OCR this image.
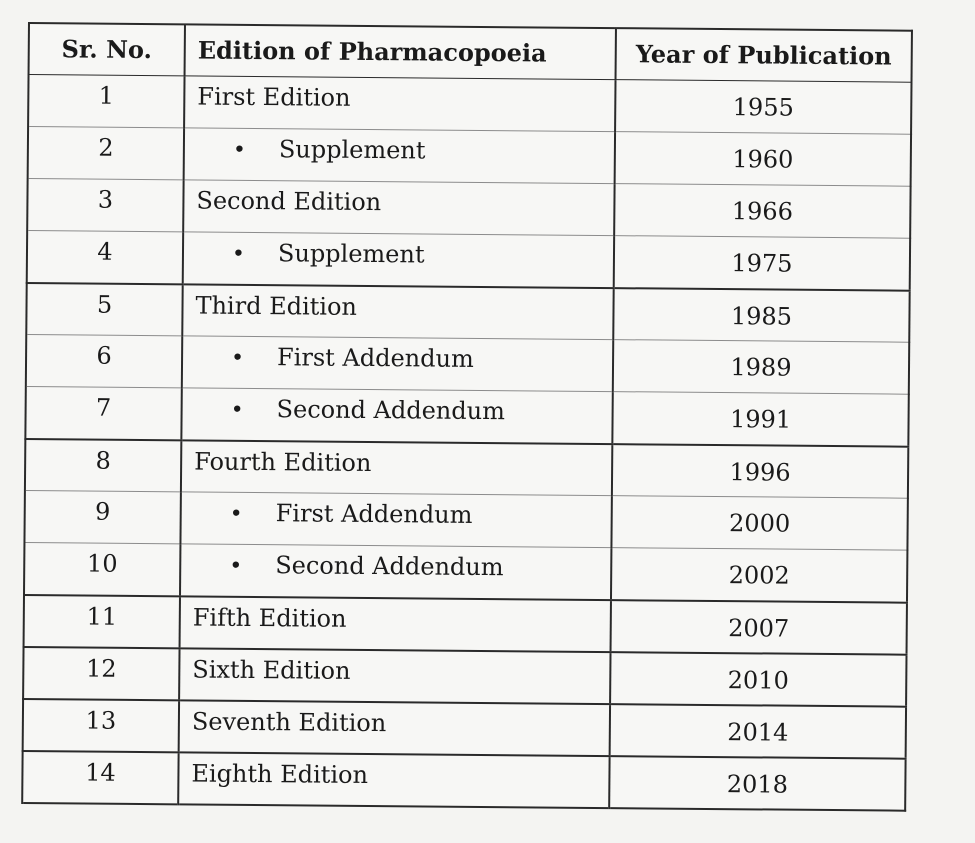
Sr. No.	Edition of Pharmacopoeia	Year of Publication
1	First Edition	1955
2	• Supplement	1960
3	Second Edition	1966
4	• Supplement	1975
5	Third Edition	1985
6	• First Addendum	1989
7	• Second Addendum	1991
8	Fourth Edition	1996
9	• First Addendum	2000
10	• Second Addendum	2002
11	Fifth Edition	2007
12	Sixth Edition	2010
13	Seventh Edition	2014
14	Eighth Edition	2018
